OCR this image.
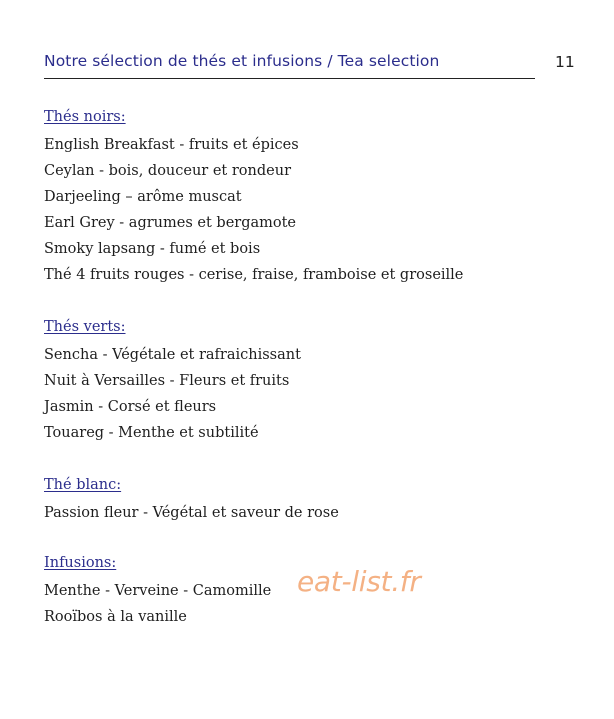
Notre sélection de thés et infusions / Tea selection	11
Thés noirs:
English Breakfast - fruits et épices
Ceylan - bois, douceur et rondeur
Darjeeling – arôme muscat
Earl Grey - agrumes et bergamote
Smoky lapsang - fumé et bois
Thé 4 fruits rouges - cerise, fraise, framboise et groseille
Thés verts:
Sencha - Végétale et rafraichissant
Nuit à Versailles - Fleurs et fruits
Jasmin - Corsé et fleurs
Touareg - Menthe et subtilité
Thé blanc:
Passion fleur - Végétal et saveur de rose
Infusions:
Menthe - Verveine - Camomille
Rooïbos à la vanille
eat-list.fr
